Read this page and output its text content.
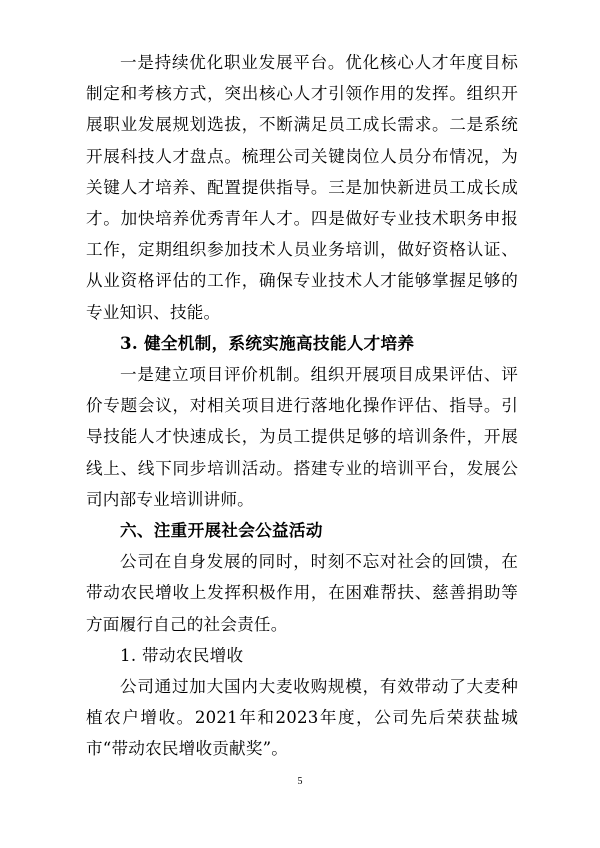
一是持续优化职业发展平台。优化核心人才年度目标制定和考核方式，突出核心人才引领作用的发挥。组织开展职业发展规划选拔，不断满足员工成长需求。二是系统开展科技人才盘点。梳理公司关键岗位人员分布情况，为关键人才培养、配置提供指导。三是加快新进员工成长成才。加快培养优秀青年人才。四是做好专业技术职务申报工作，定期组织参加技术人员业务培训，做好资格认证、从业资格评估的工作，确保专业技术人才能够掌握足够的专业知识、技能。

3. 健全机制，系统实施高技能人才培养

一是建立项目评价机制。组织开展项目成果评估、评价专题会议，对相关项目进行落地化操作评估、指导。引导技能人才快速成长，为员工提供足够的培训条件，开展线上、线下同步培训活动。搭建专业的培训平台，发展公司内部专业培训讲师。

六、注重开展社会公益活动

公司在自身发展的同时，时刻不忘对社会的回馈，在带动农民增收上发挥积极作用，在困难帮扶、慈善捐助等方面履行自己的社会责任。

1. 带动农民增收

公司通过加大国内大麦收购规模，有效带动了大麦种植农户增收。2021年和2023年度，公司先后荣获盐城市“带动农民增收贡献奖”。

5
